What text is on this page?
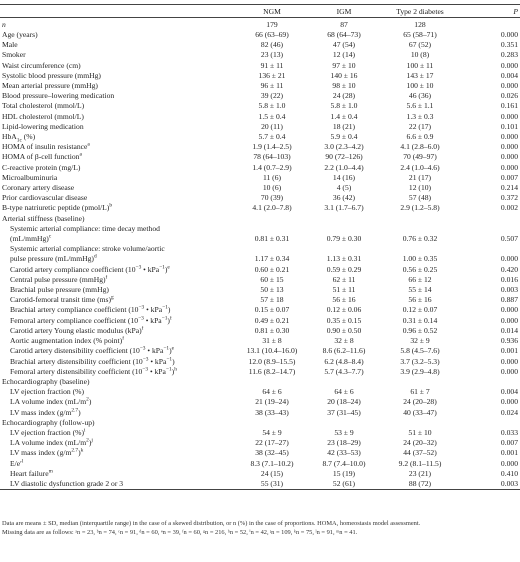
	NGM	IGM	Type 2 diabetes	P
n	179	87	128	
Age (years)	66 (63–69)	68 (64–73)	65 (58–71)	0.000
Male	82 (46)	47 (54)	67 (52)	0.351
Smoker	23 (13)	12 (14)	10 (8)	0.283
Waist circumference (cm)	91 ± 11	97 ± 10	100 ± 11	0.000
Systolic blood pressure (mmHg)	136 ± 21	140 ± 16	143 ± 17	0.004
Mean arterial pressure (mmHg)	96 ± 11	98 ± 10	100 ± 10	0.000
Blood pressure–lowering medication	39 (22)	24 (28)	46 (36)	0.026
Total cholesterol (mmol/L)	5.8 ± 1.0	5.8 ± 1.0	5.6 ± 1.1	0.161
HDL cholesterol (mmol/L)	1.5 ± 0.4	1.4 ± 0.4	1.3 ± 0.3	0.000
Lipid-lowering medication	20 (11)	18 (21)	22 (17)	0.101
HbA$_{1c}$ (%)	5.7 ± 0.4	5.9 ± 0.4	6.6 ± 0.9	0.000
HOMA of insulin resistance$^a$	1.9 (1.4–2.5)	3.0 (2.3–4.2)	4.1 (2.8–6.0)	0.000
HOMA of β-cell function$^a$	78 (64–103)	90 (72–126)	70 (49–97)	0.000
C-reactive protein (mg/L)	1.4 (0.7–2.9)	2.2 (1.0–4.4)	2.4 (1.0–4.6)	0.000
Microalbuminuria	11 (6)	14 (16)	21 (17)	0.007
Coronary artery disease	10 (6)	4 (5)	12 (10)	0.214
Prior cardiovascular disease	70 (39)	36 (42)	57 (48)	0.372
B-type natriuretic peptide (pmol/L)$^b$	4.1 (2.0–7.8)	3.1 (1.7–6.7)	2.9 (1.2–5.8)	0.002
Arterial stiffness (baseline)				
Systemic arterial compliance: time decay method
(mL/mmHg)$^c$	0.81 ± 0.31	0.79 ± 0.30	0.76 ± 0.32	0.507
Systemic arterial compliance: stroke volume/aortic
pulse pressure (mL/mmHg)$^d$	1.17 ± 0.34	1.13 ± 0.31	1.00 ± 0.35	0.000
Carotid artery compliance coefficient ($10^{-3}$ • kPa$^{-1}$)$^e$	0.60 ± 0.21	0.59 ± 0.29	0.56 ± 0.25	0.420
Central pulse pressure (mmHg)$^f$	60 ± 15	62 ± 11	66 ± 12	0.016
Brachial pulse pressure (mmHg)	50 ± 13	51 ± 11	55 ± 14	0.003
Carotid-femoral transit time (ms)$^g$	57 ± 18	56 ± 16	56 ± 16	0.887
Brachial artery compliance coefficient ($10^{-3}$ • kPa$^{-1}$)	0.15 ± 0.07	0.12 ± 0.06	0.12 ± 0.07	0.000
Femoral artery compliance coefficient ($10^{-3}$ • kPa$^{-1}$)$^f$	0.49 ± 0.21	0.35 ± 0.15	0.31 ± 0.14	0.000
Carotid artery Young elastic modulus (kPa)$^f$	0.81 ± 0.30	0.90 ± 0.50	0.96 ± 0.52	0.014
Aortic augmentation index (% point)$^f$	31 ± 8	32 ± 8	32 ± 9	0.936
Carotid artery distensibility coefficient ($10^{-3}$ • kPa$^{-1}$)$^e$	13.1 (10.4–16.0)	8.6 (6.2–11.6)	5.8 (4.5–7.6)	0.001
Brachial artery distensibility coefficient ($10^{-3}$ • kPa$^{-1}$)	12.0 (8.9–15.5)	6.2 (4.8–8.4)	3.7 (3.2–5.3)	0.000
Femoral artery distensibility coefficient ($10^{-3}$ • kPa$^{-1}$)$^h$	11.6 (8.2–14.7)	5.7 (4.3–7.7)	3.9 (2.9–4.8)	0.000
Echocardiography (baseline)				
LV ejection fraction (%)	64 ± 6	64 ± 6	61 ± 7	0.004
LA volume index $(mL/m^2)$	21 (19–24)	20 (18–24)	24 (20–28)	0.000
LV mass index $(g/m^{2.7})$	38 (33–43)	37 (31–45)	40 (33–47)	0.024
Echocardiography (follow-up)				
LV ejection fraction (%)$^i$	54 ± 9	53 ± 9	51 ± 10	0.033
LA volume index $(mL/m^2)^j$	22 (17–27)	23 (18–29)	24 (20–32)	0.007
LV mass index $(g/m^{2.7})^k$	38 (32–45)	42 (33–53)	44 (37–52)	0.001
$E/e'^l$	8.3 (7.1–10.2)	8.7 (7.4–10.0)	9.2 (8.1–11.5)	0.000
Heart failure$^m$	24 (15)	15 (19)	23 (21)	0.410
LV diastolic dysfunction grade 2 or 3	55 (31)	52 (61)	88 (72)	0.003
Data are means ± SD, median (interquartile range) in the case of a skewed distribution, or n (%) in the case of proportions. HOMA, homeostasis model assessment.
Missing data are as follows: ᵃn = 23, ᵇn = 74, ᶜn = 91, ᵈn = 60, ᵉn = 39, ᶠn = 60, ᵍn = 216, ʰn = 52, ⁱn = 42, ʲn = 109, ᵏn = 75, ˡn = 91, ᵐn = 41.
